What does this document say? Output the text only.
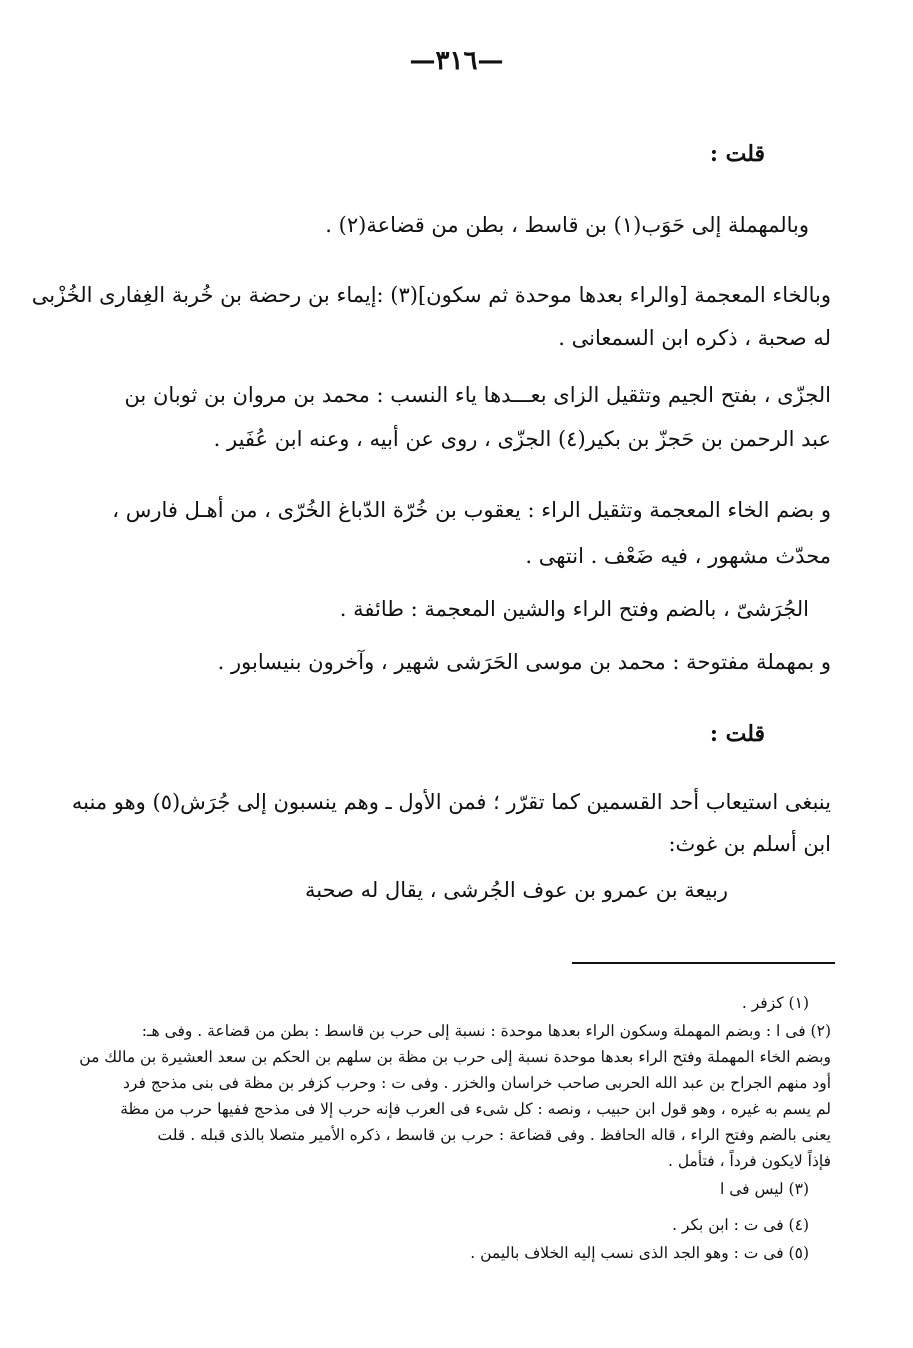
—٣١٦—
قلت :
وبالمهملة إلى حَوَب(١) بن قاسط ، بطن من قضاعة(٢) .
وبالخاء المعجمة [والراء بعدها موحدة ثم سكون](٣) :إيماء بن رحضة بن خُربة الغِفارى الخُزْبى
له صحبة ، ذكره ابن السمعانى .
الجزّى ، بفتح الجيم وتثقيل الزاى بعـــدها ياء النسب : محمد بن مروان بن ثوبان بن
عبد الرحمن بن حَجزّ بن بكير(٤) الجزّى ، روى عن أبيه ، وعنه ابن عُفَير .
و بضم الخاء المعجمة وتثقيل الراء : يعقوب بن خُرّة الدّباغ الخُرّى ، من أهـل فارس ،
محدّث مشهور ، فيه ضَعْف . انتهى .
الجُرَشىّ ، بالضم وفتح الراء والشين المعجمة : طائفة .
و بمهملة مفتوحة : محمد بن موسى الحَرَشى شهير ، وآخرون بنيسابور .
قلت :
ينبغى استيعاب أحد القسمين كما تقرّر ؛ فمن الأول ـ وهم ينسبون إلى جُرَش(٥) وهو منبه
ابن أسلم بن غوث:
ربيعة بن عمرو بن عوف الجُرشى ، يقال له صحبة
(١) كزفر .
(٢) فى ا : وبضم المهملة وسكون الراء بعدها موحدة : نسبة إلى حرب بن قاسط : بطن من قضاعة . وفى هـ:
وبضم الخاء المهملة وفتح الراء بعدها موحدة نسبة إلى حرب بن مظة بن سلهم بن الحكم بن سعد العشيرة بن مالك من
أود منهم الجراح بن عبد الله الحربى صاحب خراسان والخزر . وفى ت : وحرب كزفر بن مظة فى بنى مذحج فرد
لم يسم به غيره ، وهو قول ابن حبيب ، ونصه : كل شىء فى العرب فإنه حرب إلا فى مذحج ففيها حرب من مظة
يعنى بالضم وفتح الراء ، قاله الحافظ . وفى قضاعة : حرب بن قاسط ، ذكره الأمير متصلا بالذى قبله . قلت
فإذاً لايكون فرداً ، فتأمل .
(٣) ليس فى ا
(٤) فى ت : ابن بكر .
(٥) فى ت : وهو الجد الذى نسب إليه الخلاف باليمن .
